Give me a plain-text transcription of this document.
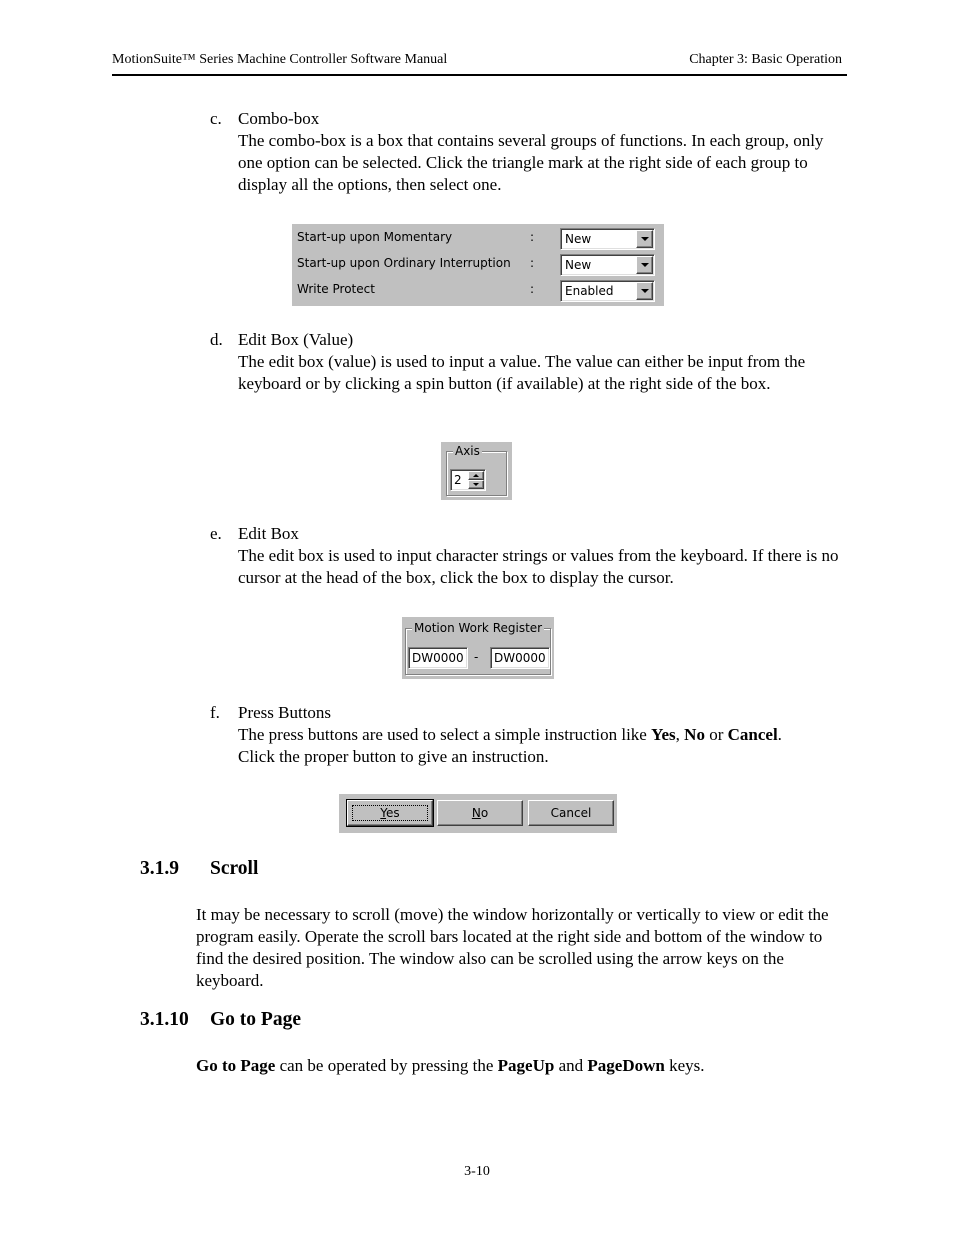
MotionSuite™ Series Machine Controller Software Manual	Chapter 3: Basic Operation
c. Combo-box
The combo-box is a box that contains several groups of functions. In each group, only one option can be selected. Click the triangle mark at the right side of each group to display all the options, then select one.
Start-up upon Momentary	:	New
Start-up upon Ordinary Interruption :	New
Write Protect	:	Enabled
d. Edit Box (Value)
The edit box (value) is used to input a value. The value can either be input from the keyboard or by clicking a spin button (if available) at the right side of the box.
Axis
2
e. Edit Box
The edit box is used to input character strings or values from the keyboard. If there is no cursor at the head of the box, click the box to display the cursor.
Motion Work Register
DW0000 - DW0000
f. Press Buttons
The press buttons are used to select a simple instruction like Yes, No or Cancel.
Click the proper button to give an instruction.
Yes	No	Cancel
3.1.9 Scroll
It may be necessary to scroll (move) the window horizontally or vertically to view or edit the program easily. Operate the scroll bars located at the right side and bottom of the window to find the desired position. The window also can be scrolled using the arrow keys on the keyboard.
3.1.10 Go to Page
Go to Page can be operated by pressing the PageUp and PageDown keys.
3-10
